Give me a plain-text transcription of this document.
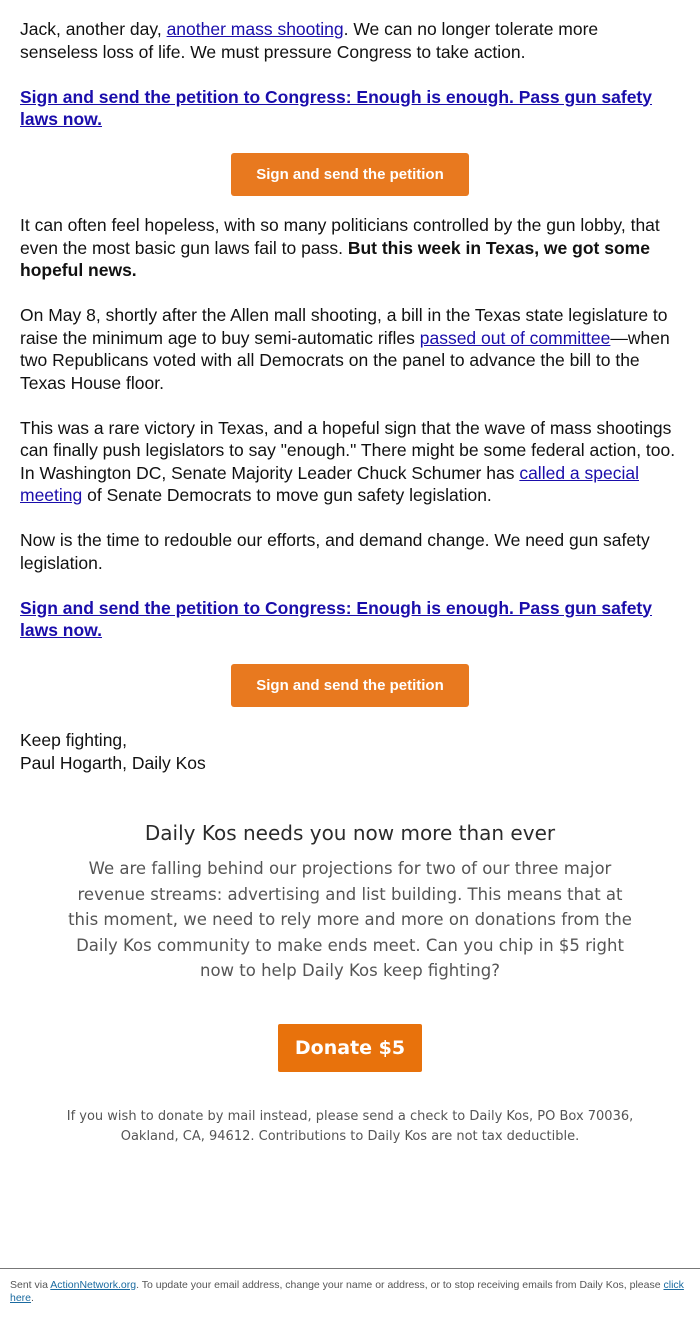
Jack, another day, another mass shooting. We can no longer tolerate more senseless loss of life. We must pressure Congress to take action.

Sign and send the petition to Congress: Enough is enough. Pass gun safety laws now.

Sign and send the petition

It can often feel hopeless, with so many politicians controlled by the gun lobby, that even the most basic gun laws fail to pass. But this week in Texas, we got some hopeful news.

On May 8, shortly after the Allen mall shooting, a bill in the Texas state legislature to raise the minimum age to buy semi-automatic rifles passed out of committee—when two Republicans voted with all Democrats on the panel to advance the bill to the Texas House floor.

This was a rare victory in Texas, and a hopeful sign that the wave of mass shootings can finally push legislators to say "enough." There might be some federal action, too. In Washington DC, Senate Majority Leader Chuck Schumer has called a special meeting of Senate Democrats to move gun safety legislation.

Now is the time to redouble our efforts, and demand change. We need gun safety legislation.

Sign and send the petition to Congress: Enough is enough. Pass gun safety laws now.

Sign and send the petition

Keep fighting,
Paul Hogarth, Daily Kos

Daily Kos needs you now more than ever
We are falling behind our projections for two of our three major revenue streams: advertising and list building. This means that at this moment, we need to rely more and more on donations from the Daily Kos community to make ends meet. Can you chip in $5 right now to help Daily Kos keep fighting?
Donate $5
If you wish to donate by mail instead, please send a check to Daily Kos, PO Box 70036, Oakland, CA, 94612. Contributions to Daily Kos are not tax deductible.
Sent via ActionNetwork.org. To update your email address, change your name or address, or to stop receiving emails from Daily Kos, please click here.
